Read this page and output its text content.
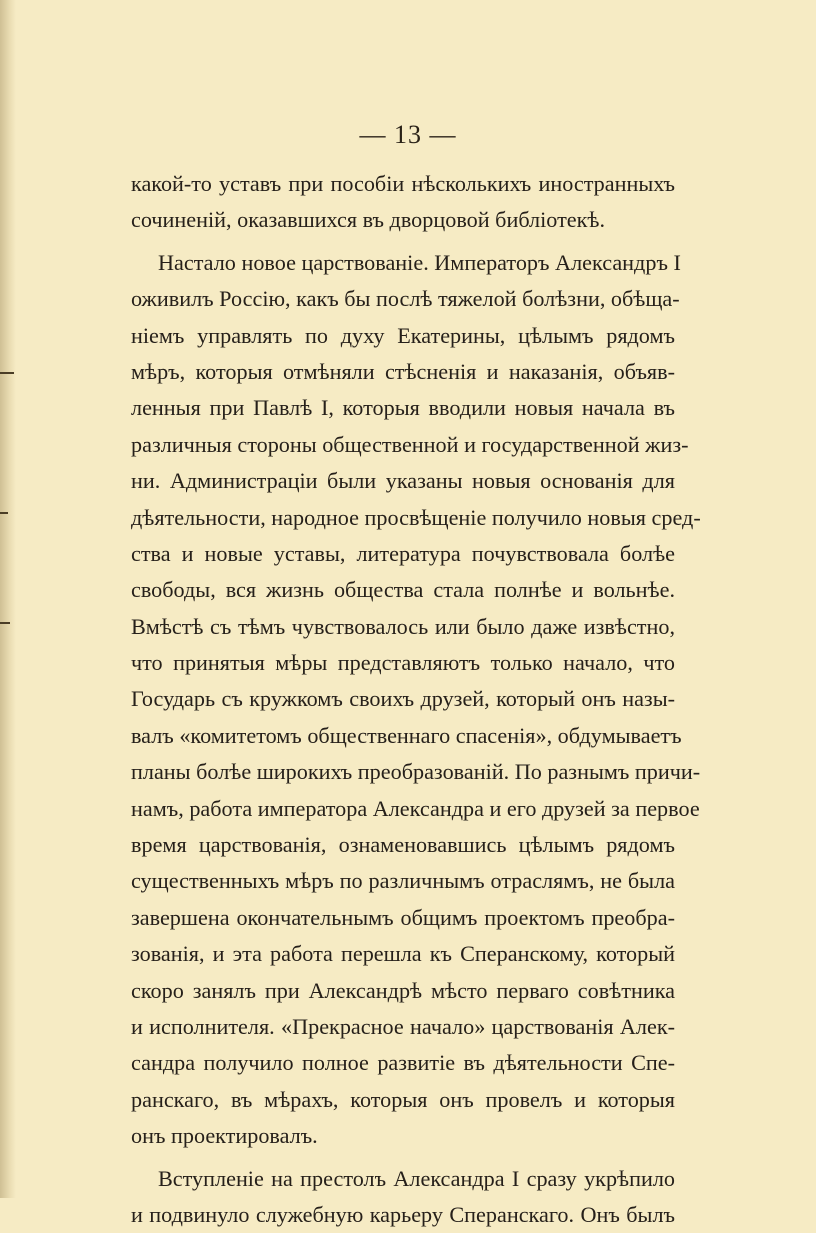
— 13 —
какой-то уставъ при пособіи нѣсколькихъ иностранныхъ
сочиненій, оказавшихся въ дворцовой библіотекѣ.
Настало новое царствованіе. Императоръ Александръ I
оживилъ Россію, какъ бы послѣ тяжелой болѣзни, обѣща-
ніемъ управлять по духу Екатерины, цѣлымъ рядомъ
мѣръ, которыя отмѣняли стѣсненія и наказанія, объяв-
ленныя при Павлѣ I, которыя вводили новыя начала въ
различныя стороны общественной и государственной жиз-
ни. Администраціи были указаны новыя основанія для
дѣятельности, народное просвѣщеніе получило новыя сред-
ства и новые уставы, литература почувствовала болѣе
свободы, вся жизнь общества стала полнѣе и вольнѣе.
Вмѣстѣ съ тѣмъ чувствовалось или было даже извѣстно,
что принятыя мѣры представляютъ только начало, что
Государь съ кружкомъ своихъ друзей, который онъ назы-
валъ «комитетомъ общественнаго спасенія», обдумываетъ
планы болѣе широкихъ преобразованій. По разнымъ причи-
намъ, работа императора Александра и его друзей за первое
время царствованія, ознаменовавшись цѣлымъ рядомъ
существенныхъ мѣръ по различнымъ отраслямъ, не была
завершена окончательнымъ общимъ проектомъ преобра-
зованія, и эта работа перешла къ Сперанскому, который
скоро занялъ при Александрѣ мѣсто перваго совѣтника
и исполнителя. «Прекрасное начало» царствованія Алек-
сандра получило полное развитіе въ дѣятельности Спе-
ранскаго, въ мѣрахъ, которыя онъ провелъ и которыя
онъ проектировалъ.
Вступленіе на престолъ Александра I сразу укрѣпило
и подвинуло служебную карьеру Сперанскаго. Онъ былъ
